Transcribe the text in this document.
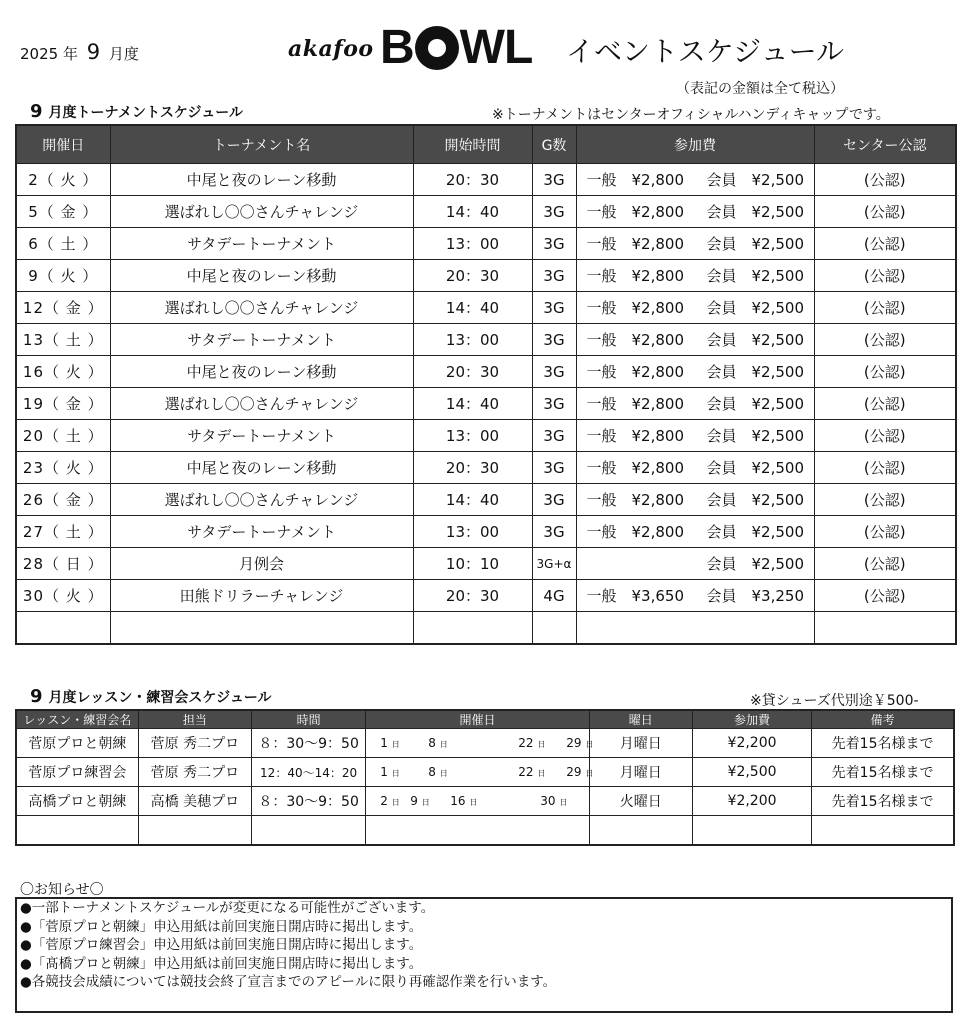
2025 年 9 月度	akafoo B WL イベントスケジュール
（表記の金額は全て税込）
9 月度トーナメントスケジュール	※トーナメントはセンターオフィシャルハンディキャップです。
開催日	トーナメント名	開始時間	G数	参加費	センター公認
2（ 火 ）	中尾と夜のレーン移動	20：30	3G	一般　¥2,800 会員　¥2,500	(公認)
5（ 金 ）	選ばれし〇〇さんチャレンジ	14：40	3G	一般　¥2,800 会員　¥2,500	(公認)
6（ 土 ）	サタデートーナメント	13：00	3G	一般　¥2,800 会員　¥2,500	(公認)
9（ 火 ）	中尾と夜のレーン移動	20：30	3G	一般　¥2,800 会員　¥2,500	(公認)
12（ 金 ）	選ばれし〇〇さんチャレンジ	14：40	3G	一般　¥2,800 会員　¥2,500	(公認)
13（ 土 ）	サタデートーナメント	13：00	3G	一般　¥2,800 会員　¥2,500	(公認)
16（ 火 ）	中尾と夜のレーン移動	20：30	3G	一般　¥2,800 会員　¥2,500	(公認)
19（ 金 ）	選ばれし〇〇さんチャレンジ	14：40	3G	一般　¥2,800 会員　¥2,500	(公認)
20（ 土 ）	サタデートーナメント	13：00	3G	一般　¥2,800 会員　¥2,500	(公認)
23（ 火 ）	中尾と夜のレーン移動	20：30	3G	一般　¥2,800 会員　¥2,500	(公認)
26（ 金 ）	選ばれし〇〇さんチャレンジ	14：40	3G	一般　¥2,800 会員　¥2,500	(公認)
27（ 土 ）	サタデートーナメント	13：00	3G	一般　¥2,800 会員　¥2,500	(公認)
28（ 日 ）	月例会	10：10	3G+α	会員　¥2,500	(公認)
30（ 火 ）	田熊ドリラーチャレンジ	20：30	4G	一般　¥3,650 会員　¥3,250	(公認)

9 月度レッスン・練習会スケジュール	※貸シューズ代別途￥500-
レッスン・練習会名	担当	時間	開催日	曜日	参加費	備考
菅原プロと朝練	菅原 秀二プロ	８：30～9：50	1 日 8 日 22 日 29 日	月曜日	¥2,200	先着15名様まで
菅原プロ練習会	菅原 秀二プロ	12：40～14：20	1 日 8 日 22 日 29 日	月曜日	¥2,500	先着15名様まで
高橋プロと朝練	高橋 美穂プロ	８：30～9：50	2 日 9 日 16 日 30 日	火曜日	¥2,200	先着15名様まで

〇お知らせ〇
●一部トーナメントスケジュールが変更になる可能性がございます。
●「菅原プロと朝練」申込用紙は前回実施日開店時に掲出します。
●「菅原プロ練習会」申込用紙は前回実施日開店時に掲出します。
●「髙橋プロと朝練」申込用紙は前回実施日開店時に掲出します。
●各競技会成績については競技会終了宣言までのアピールに限り再確認作業を行います。
